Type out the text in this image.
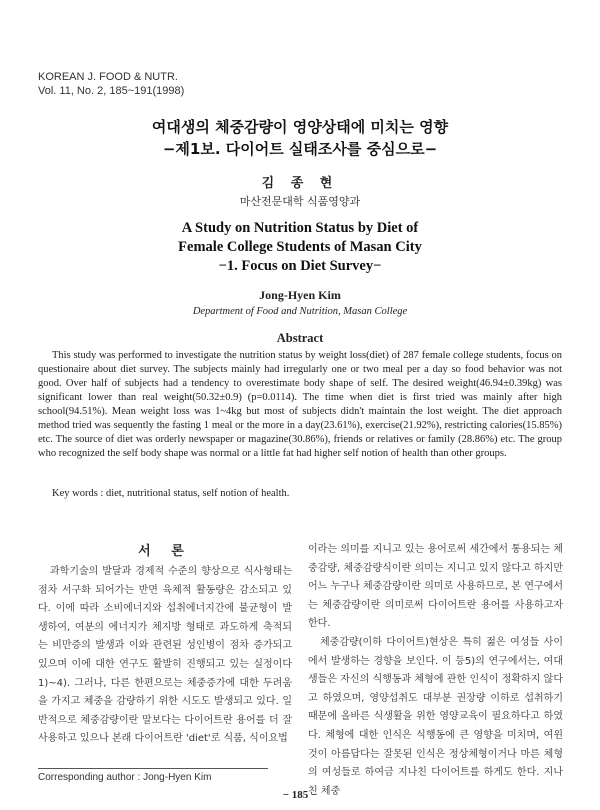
KOREAN J. FOOD & NUTR.
Vol. 11, No. 2, 185~191(1998)
여대생의 체중감량이 영양상태에 미치는 영향
−제1보. 다이어트 실태조사를 중심으로−
김 종 현
마산전문대학 식품영양과
A Study on Nutrition Status by Diet of
Female College Students of Masan City
−1. Focus on Diet Survey−
Jong-Hyen Kim
Department of Food and Nutrition, Masan College
Abstract

This study was performed to investigate the nutrition status by weight loss(diet) of 287 female college students, focus on questionaire about diet survey. The subjects mainly had irregularly one or two meal per a day so food behavior was not good. Over half of subjects had a tendency to overestimate body shape of self. The desired weight(46.94±0.39kg) was significant lower than real weight(50.32±0.9) (p=0.0114). The time when diet is first tried was mainly after high school(94.51%). Mean weight loss was 1~4kg but most of subjects didn't maintain the lost weight. The diet approach method tried was sequently the fasting 1 meal or the more in a day(23.61%), exercise(21.92%), restricting calories(15.85%) etc. The source of diet was orderly newspaper or magazine(30.86%), friends or relatives or family (28.86%) etc. The group who recognized the self body shape was normal or a little fat had higher self notion of health than other groups.

Key words : diet, nutritional status, self notion of health.
서 론

과학기술의 발달과 경제적 수준의 향상으로 식사형태는 점차 서구화 되어가는 반면 육체적 활동량은 감소되고 있다. 이에 따라 소비에너지와 섭취에너지간에 불균형이 발생하여, 여분의 에너지가 체지방 형태로 과도하게 축적되는 비만증의 발생과 이와 관련된 성인병이 점차 증가되고 있으며 이에 대한 연구도 활발히 진행되고 있는 실정이다1)~4). 그러나, 다른 한편으로는 체중증가에 대한 두려움을 가지고 체중을 감량하기 위한 시도도 발생되고 있다. 일반적으로 체중감량이란 말보다는 다이어트란 용어를 더 잘 사용하고 있으나 본래 다이어트란 'diet'로 식품, 식이요법

이라는 의미를 지니고 있는 용어로써 세간에서 통용되는 체중감량, 체중감량식이란 의미는 지니고 있지 않다고 하지만 어느 누구나 체중감량이란 의미로 사용하므로, 본 연구에서는 체중감량이란 의미로써 다이어트란 용어를 사용하고자 한다.

체중감량(이하 다이어트)현상은 특히 젊은 여성들 사이에서 발생하는 경향을 보인다. 이 등5)의 연구에서는, 여대생들은 자신의 식행동과 체형에 관한 인식이 정확하지 않다고 하였으며, 영양섭취도 대부분 권장량 이하로 섭취하기 때문에 올바른 식생활을 위한 영양교육이 필요하다고 하였다. 체형에 대한 인식은 식행동에 큰 영향을 미치며, 여윈 것이 아름답다는 잘못된 인식은 정상체형이거나 마른 체형의 여성들로 하여금 지나친 다이어트를 하게도 한다. 지나친 체중

Corresponding author : Jong-Hyen Kim
− 185 −
